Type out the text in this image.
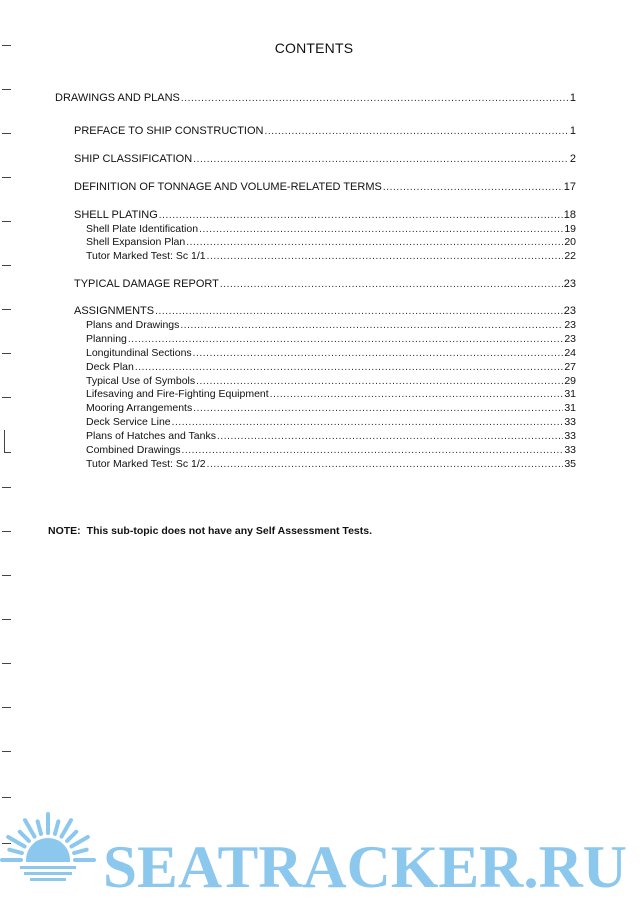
CONTENTS
DRAWINGS AND PLANS .....	1
PREFACE TO SHIP CONSTRUCTION .....	1
SHIP CLASSIFICATION .....	2
DEFINITION OF TONNAGE AND VOLUME-RELATED TERMS .....	17
SHELL PLATING .....	18
Shell Plate Identification .....	19
Shell Expansion Plan .....	20
Tutor Marked Test: Sc 1/1 .....	22
TYPICAL DAMAGE REPORT .....	23
ASSIGNMENTS .....	23
Plans and Drawings .....	23
Planning .....	23
Longitundinal Sections .....	24
Deck Plan .....	27
Typical Use of Symbols .....	29
Lifesaving and Fire-Fighting Equipment .....	31
Mooring Arrangements .....	31
Deck Service Line .....	33
Plans of Hatches and Tanks .....	33
Combined Drawings .....	33
Tutor Marked Test: Sc 1/2 .....	35
NOTE: This sub-topic does not have any Self Assessment Tests.
SEATRACKER.RU
